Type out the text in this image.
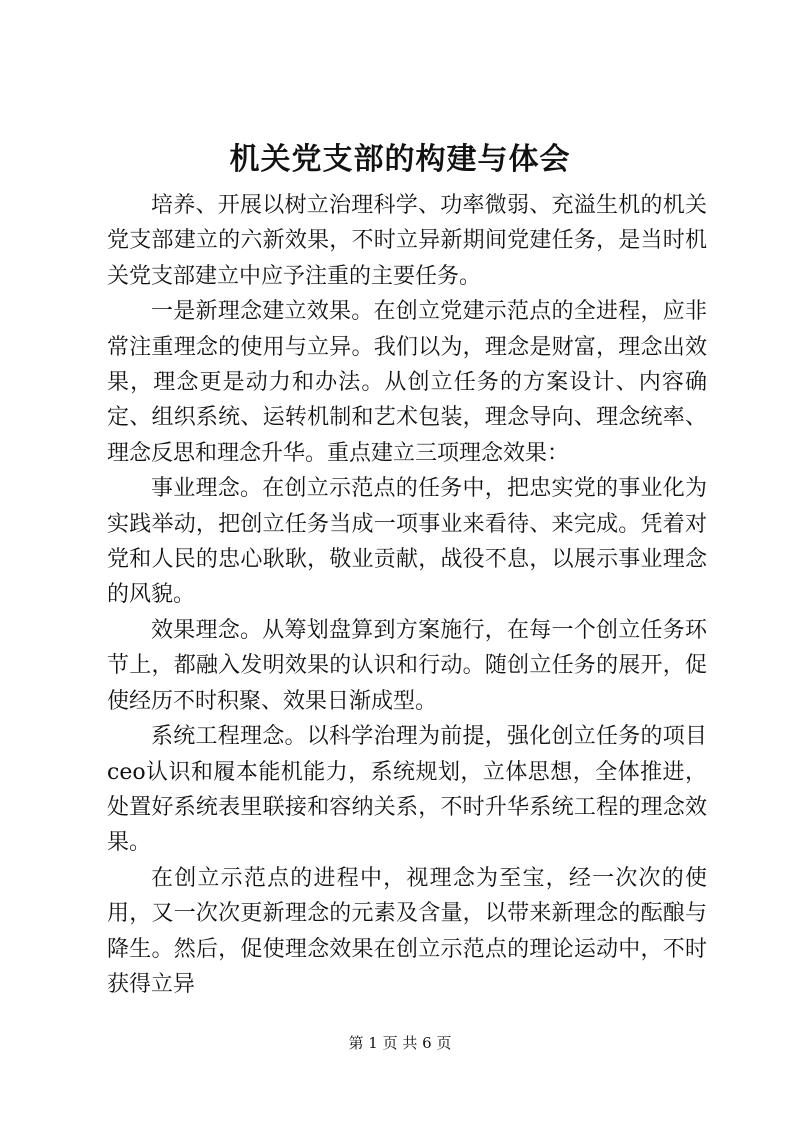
机关党支部的构建与体会

培养、开展以树立治理科学、功率微弱、充溢生机的机关党支部建立的六新效果，不时立异新期间党建任务，是当时机关党支部建立中应予注重的主要任务。

一是新理念建立效果。在创立党建示范点的全进程，应非常注重理念的使用与立异。我们以为，理念是财富，理念出效果，理念更是动力和办法。从创立任务的方案设计、内容确定、组织系统、运转机制和艺术包装，理念导向、理念统率、理念反思和理念升华。重点建立三项理念效果：

事业理念。在创立示范点的任务中，把忠实党的事业化为实践举动，把创立任务当成一项事业来看待、来完成。凭着对党和人民的忠心耿耿，敬业贡献，战役不息，以展示事业理念的风貌。

效果理念。从筹划盘算到方案施行，在每一个创立任务环节上，都融入发明效果的认识和行动。随创立任务的展开，促使经历不时积聚、效果日渐成型。

系统工程理念。以科学治理为前提，强化创立任务的项目ceo认识和履本能机能力，系统规划，立体思想，全体推进，处置好系统表里联接和容纳关系，不时升华系统工程的理念效果。

在创立示范点的进程中，视理念为至宝，经一次次的使用，又一次次更新理念的元素及含量，以带来新理念的酝酿与降生。然后，促使理念效果在创立示范点的理论运动中，不时获得立异

第 1 页 共 6 页
